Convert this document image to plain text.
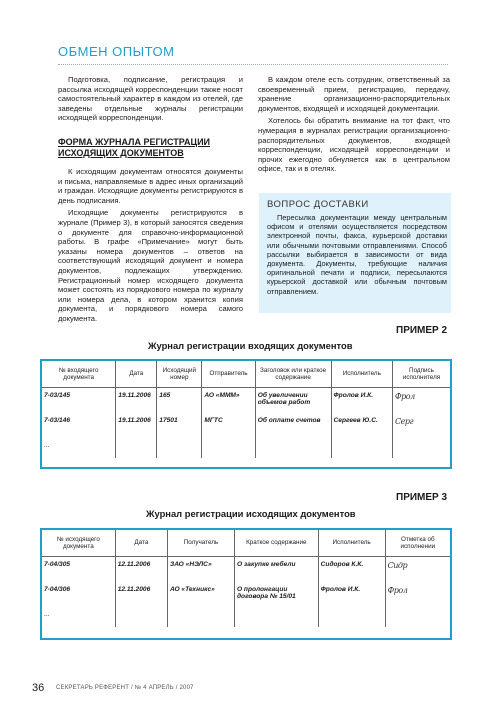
ОБМЕН ОПЫТОМ

Подготовка, подписание, регистрация и рассылка исходящей корреспонденции также носят самостоятельный характер в каждом из отелей, где заведены отдельные журналы регистрации исходящей корреспонденции.

ФОРМА ЖУРНАЛА РЕГИСТРАЦИИ
ИСХОДЯЩИХ ДОКУМЕНТОВ

К исходящим документам относятся документы и письма, направляемые в адрес иных организаций и граждан. Исходящие документы регистрируются в день подписания.

Исходящие документы регистрируются в журнале (Пример 3), в который заносятся сведения о документе для справочно-информационной работы. В графе «Примечание» могут быть указаны номера документов – ответов на соответствующий исходящий документ и номера документов, подлежащих утверждению. Регистрационный номер исходящего документа может состоять из порядкового номера по журналу или номера дела, в котором хранится копия документа, и порядкового номера самого документа.

В каждом отеле есть сотрудник, ответственный за своевременный прием, регистрацию, передачу, хранение организационно-распорядительных документов, входящей и исходящей документации.

Хотелось бы обратить внимание на тот факт, что нумерация в журналах регистрации организационно-распорядительных документов, входящей корреспонденции, исходящей корреспонденции и прочих ежегодно обнуляется как в центральном офисе, так и в отелях.

ВОПРОС ДОСТАВКИ

Пересылка документации между центральным офисом и отелями осуществляется посредством электронной почты, факса, курьерской доставки или обычными почтовыми отправлениями. Способ рассылки выбирается в зависимости от вида документа. Документы, требующие наличия оригинальной печати и подписи, пересылаются курьерской доставкой или обычным почтовым отправлением.

ПРИМЕР 2
Журнал регистрации входящих документов
№ входящего документа	Дата	Исходящий номер	Отправитель	Заголовок или краткое содержание	Исполнитель	Подпись исполнителя
7-03/145	19.11.2006	165	АО «МММ»	Об увеличении объемов работ	Фролов И.К.	Фрол
7-03/146	19.11.2006	17501	МГТС	Об оплате счетов	Сергеев Ю.С.	Серг
...						
ПРИМЕР 3
Журнал регистрации исходящих документов
№ исходящего документа	Дата	Получатель	Краткое содержание	Исполнитель	Отметка об исполнении
7-04/305	12.11.2006	ЗАО «НЭЛС»	О закупке мебели	Сидоров К.К.	Сидр
7-04/306	12.11.2006	АО «Техникс»	О пролонгации договора № 15/01	Фролов И.К.	Фрол
...					
36 СЕКРЕТАРЬ РЕФЕРЕНТ / № 4 АПРЕЛЬ / 2007
